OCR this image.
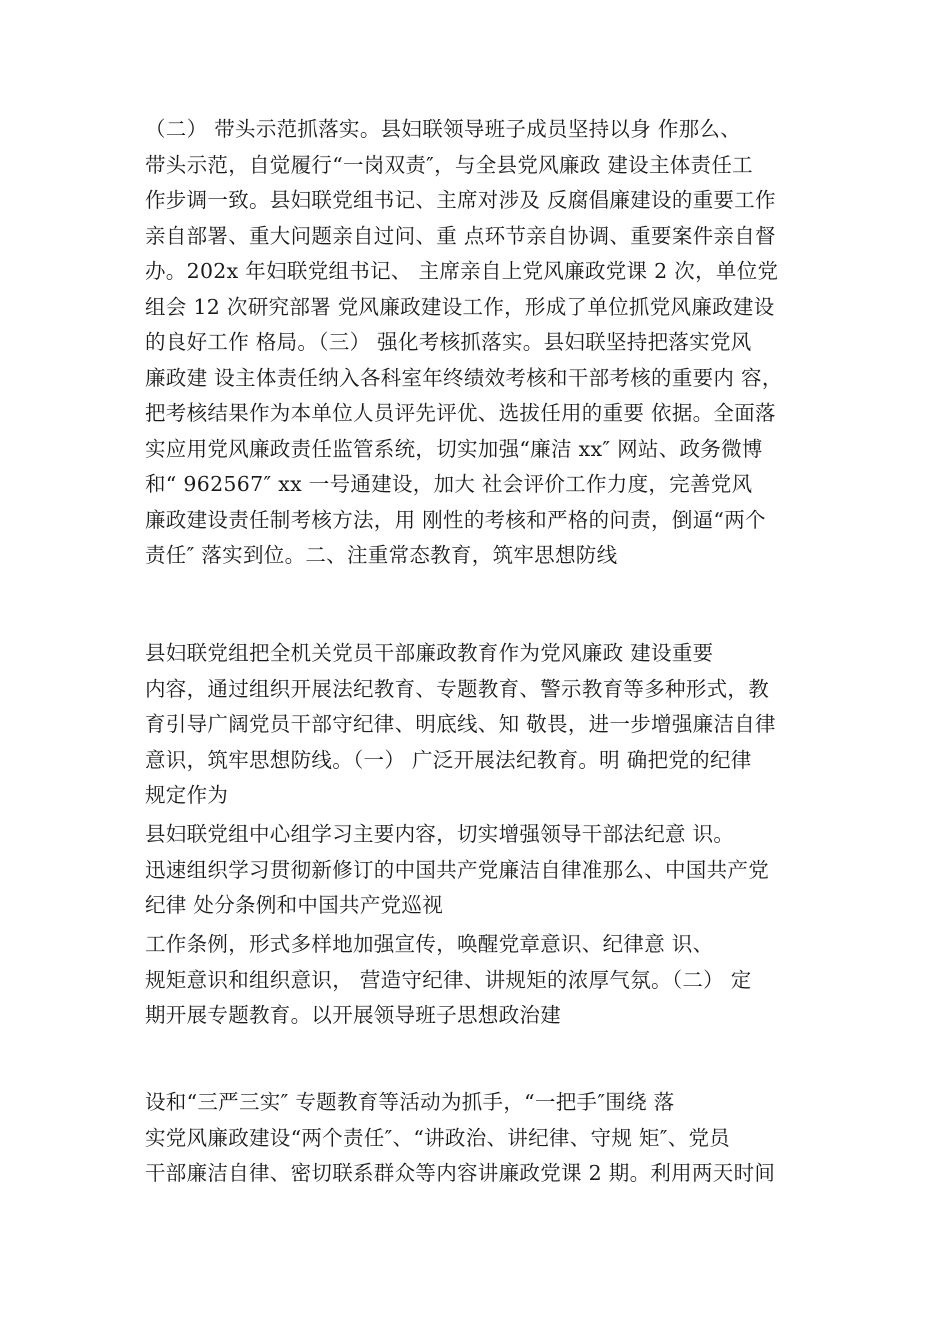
（二） 带头示范抓落实。县妇联领导班子成员坚持以身 作那么、
带头示范，自觉履行“一岗双责″，与全县党风廉政 建设主体责任工
作步调一致。县妇联党组书记、主席对涉及 反腐倡廉建设的重要工作
亲自部署、重大问题亲自过问、重 点环节亲自协调、重要案件亲自督
办。202x 年妇联党组书记、 主席亲自上党风廉政党课 2 次，单位党
组会 12 次研究部署 党风廉政建设工作，形成了单位抓党风廉政建设
的良好工作 格局。（三） 强化考核抓落实。县妇联坚持把落实党风
廉政建 设主体责任纳入各科室年终绩效考核和干部考核的重要内 容，
把考核结果作为本单位人员评先评优、选拔任用的重要 依据。全面落
实应用党风廉政责任监管系统，切实加强“廉洁 xx″ 网站、政务微博
和“ 962567″ xx 一号通建设，加大 社会评价工作力度，完善党风
廉政建设责任制考核方法，用 刚性的考核和严格的问责，倒逼“两个
责任″ 落实到位。二、注重常态教育，筑牢思想防线
县妇联党组把全机关党员干部廉政教育作为党风廉政 建设重要
内容，通过组织开展法纪教育、专题教育、警示教育等多种形式，教
育引导广阔党员干部守纪律、明底线、知 敬畏，进一步增强廉洁自律
意识，筑牢思想防线。（一） 广泛开展法纪教育。明 确把党的纪律
规定作为
县妇联党组中心组学习主要内容，切实增强领导干部法纪意 识。
迅速组织学习贯彻新修订的中国共产党廉洁自律准那么、中国共产党
纪律 处分条例和中国共产党巡视
工作条例，形式多样地加强宣传，唤醒党章意识、纪律意 识、
规矩意识和组织意识， 营造守纪律、讲规矩的浓厚气氛。（二） 定
期开展专题教育。以开展领导班子思想政治建
设和“三严三实″ 专题教育等活动为抓手，“一把手″围绕 落
实党风廉政建设“两个责任″、“讲政治、讲纪律、守规 矩″、党员
干部廉洁自律、密切联系群众等内容讲廉政党课 2 期。利用两天时间
